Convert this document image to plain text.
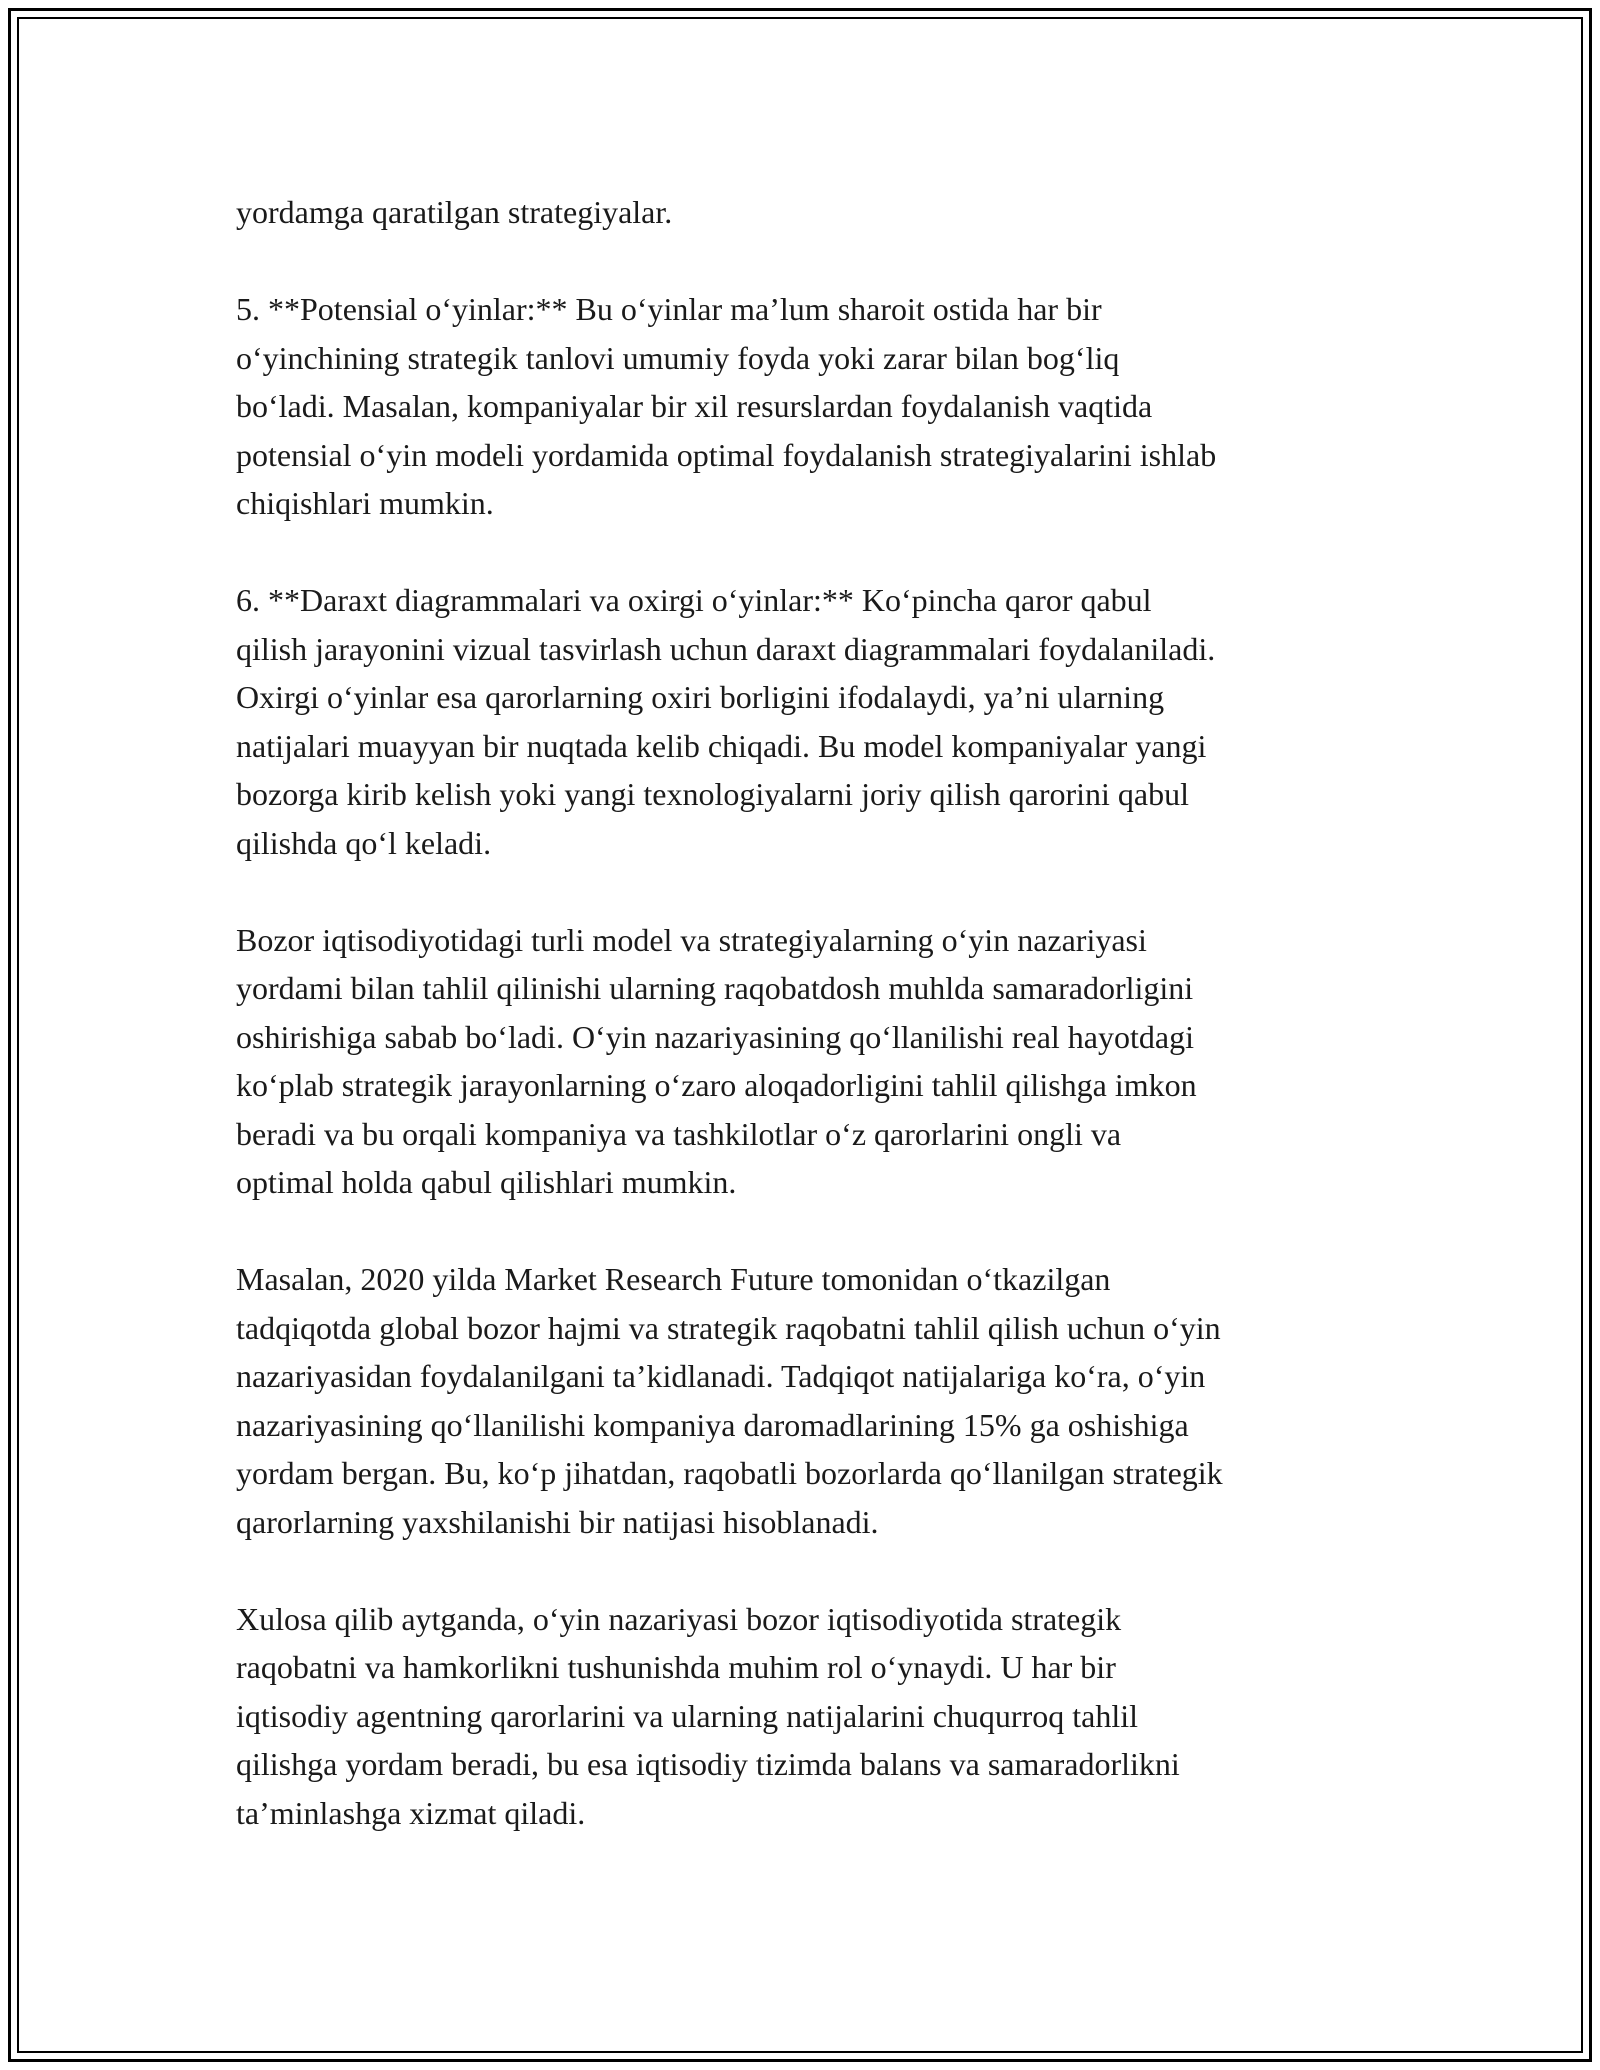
yordamga qaratilgan strategiyalar.

5. **Potensial o‘yinlar:** Bu o‘yinlar ma’lum sharoit ostida har bir
o‘yinchining strategik tanlovi umumiy foyda yoki zarar bilan bog‘liq
bo‘ladi. Masalan, kompaniyalar bir xil resurslardan foydalanish vaqtida
potensial o‘yin modeli yordamida optimal foydalanish strategiyalarini ishlab
chiqishlari mumkin.

6. **Daraxt diagrammalari va oxirgi o‘yinlar:** Ko‘pincha qaror qabul
qilish jarayonini vizual tasvirlash uchun daraxt diagrammalari foydalaniladi.
Oxirgi o‘yinlar esa qarorlarning oxiri borligini ifodalaydi, ya’ni ularning
natijalari muayyan bir nuqtada kelib chiqadi. Bu model kompaniyalar yangi
bozorga kirib kelish yoki yangi texnologiyalarni joriy qilish qarorini qabul
qilishda qo‘l keladi.

Bozor iqtisodiyotidagi turli model va strategiyalarning o‘yin nazariyasi
yordami bilan tahlil qilinishi ularning raqobatdosh muhlda samaradorligini
oshirishiga sabab bo‘ladi. O‘yin nazariyasining qo‘llanilishi real hayotdagi
ko‘plab strategik jarayonlarning o‘zaro aloqadorligini tahlil qilishga imkon
beradi va bu orqali kompaniya va tashkilotlar o‘z qarorlarini ongli va
optimal holda qabul qilishlari mumkin.

Masalan, 2020 yilda Market Research Future tomonidan o‘tkazilgan
tadqiqotda global bozor hajmi va strategik raqobatni tahlil qilish uchun o‘yin
nazariyasidan foydalanilgani ta’kidlanadi. Tadqiqot natijalariga ko‘ra, o‘yin
nazariyasining qo‘llanilishi kompaniya daromadlarining 15% ga oshishiga
yordam bergan. Bu, ko‘p jihatdan, raqobatli bozorlarda qo‘llanilgan strategik
qarorlarning yaxshilanishi bir natijasi hisoblanadi.

Xulosa qilib aytganda, o‘yin nazariyasi bozor iqtisodiyotida strategik
raqobatni va hamkorlikni tushunishda muhim rol o‘ynaydi. U har bir
iqtisodiy agentning qarorlarini va ularning natijalarini chuqurroq tahlil
qilishga yordam beradi, bu esa iqtisodiy tizimda balans va samaradorlikni
ta’minlashga xizmat qiladi.
